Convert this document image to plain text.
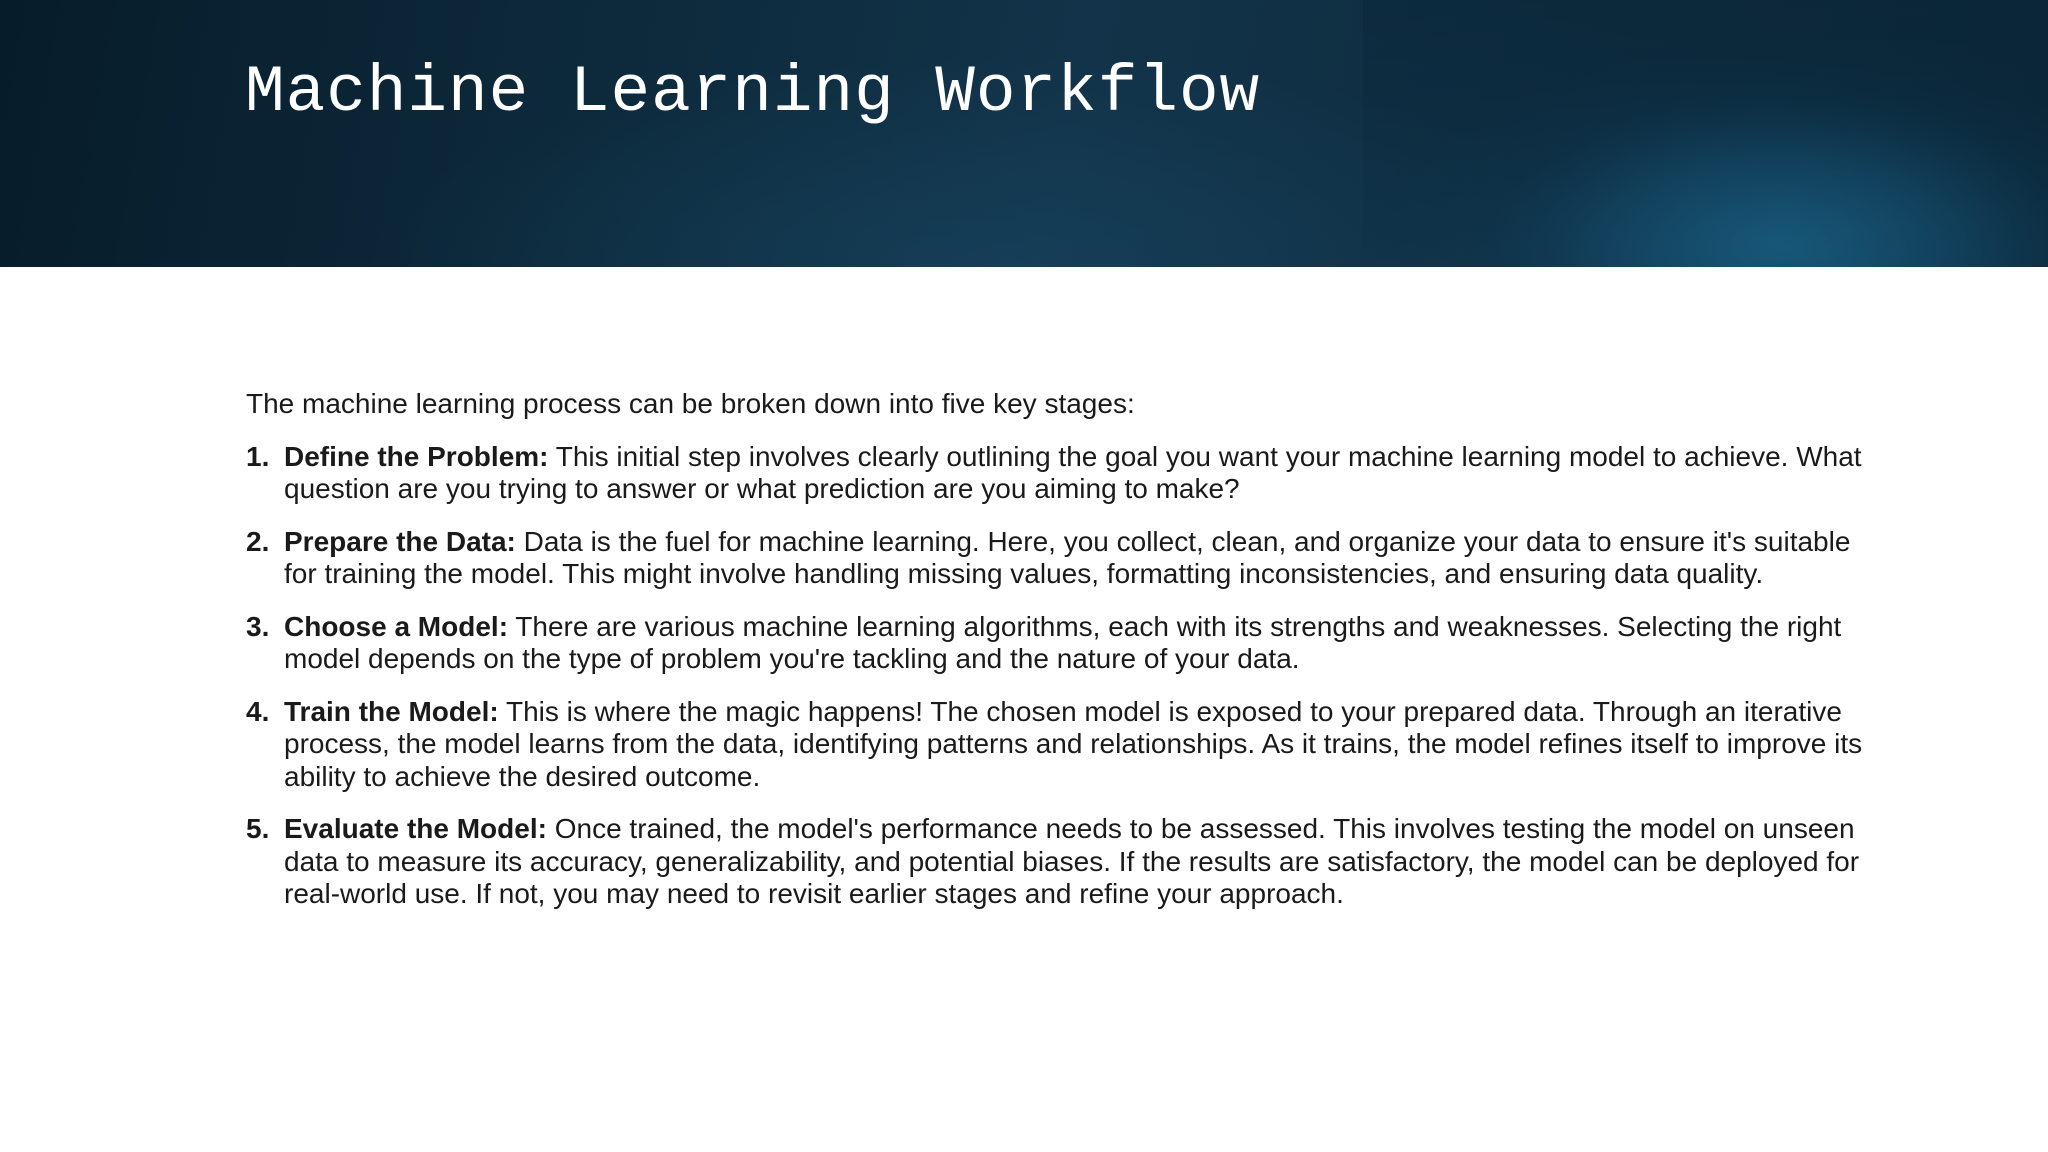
Machine Learning Workflow

The machine learning process can be broken down into five key stages:

1. Define the Problem: This initial step involves clearly outlining the goal you want your machine learning model to achieve. What question are you trying to answer or what prediction are you aiming to make?
2. Prepare the Data: Data is the fuel for machine learning. Here, you collect, clean, and organize your data to ensure it's suitable for training the model. This might involve handling missing values, formatting inconsistencies, and ensuring data quality.
3. Choose a Model: There are various machine learning algorithms, each with its strengths and weaknesses. Selecting the right model depends on the type of problem you're tackling and the nature of your data.
4. Train the Model: This is where the magic happens! The chosen model is exposed to your prepared data. Through an iterative process, the model learns from the data, identifying patterns and relationships. As it trains, the model refines itself to improve its ability to achieve the desired outcome.
5. Evaluate the Model: Once trained, the model's performance needs to be assessed. This involves testing the model on unseen data to measure its accuracy, generalizability, and potential biases. If the results are satisfactory, the model can be deployed for real-world use. If not, you may need to revisit earlier stages and refine your approach.
